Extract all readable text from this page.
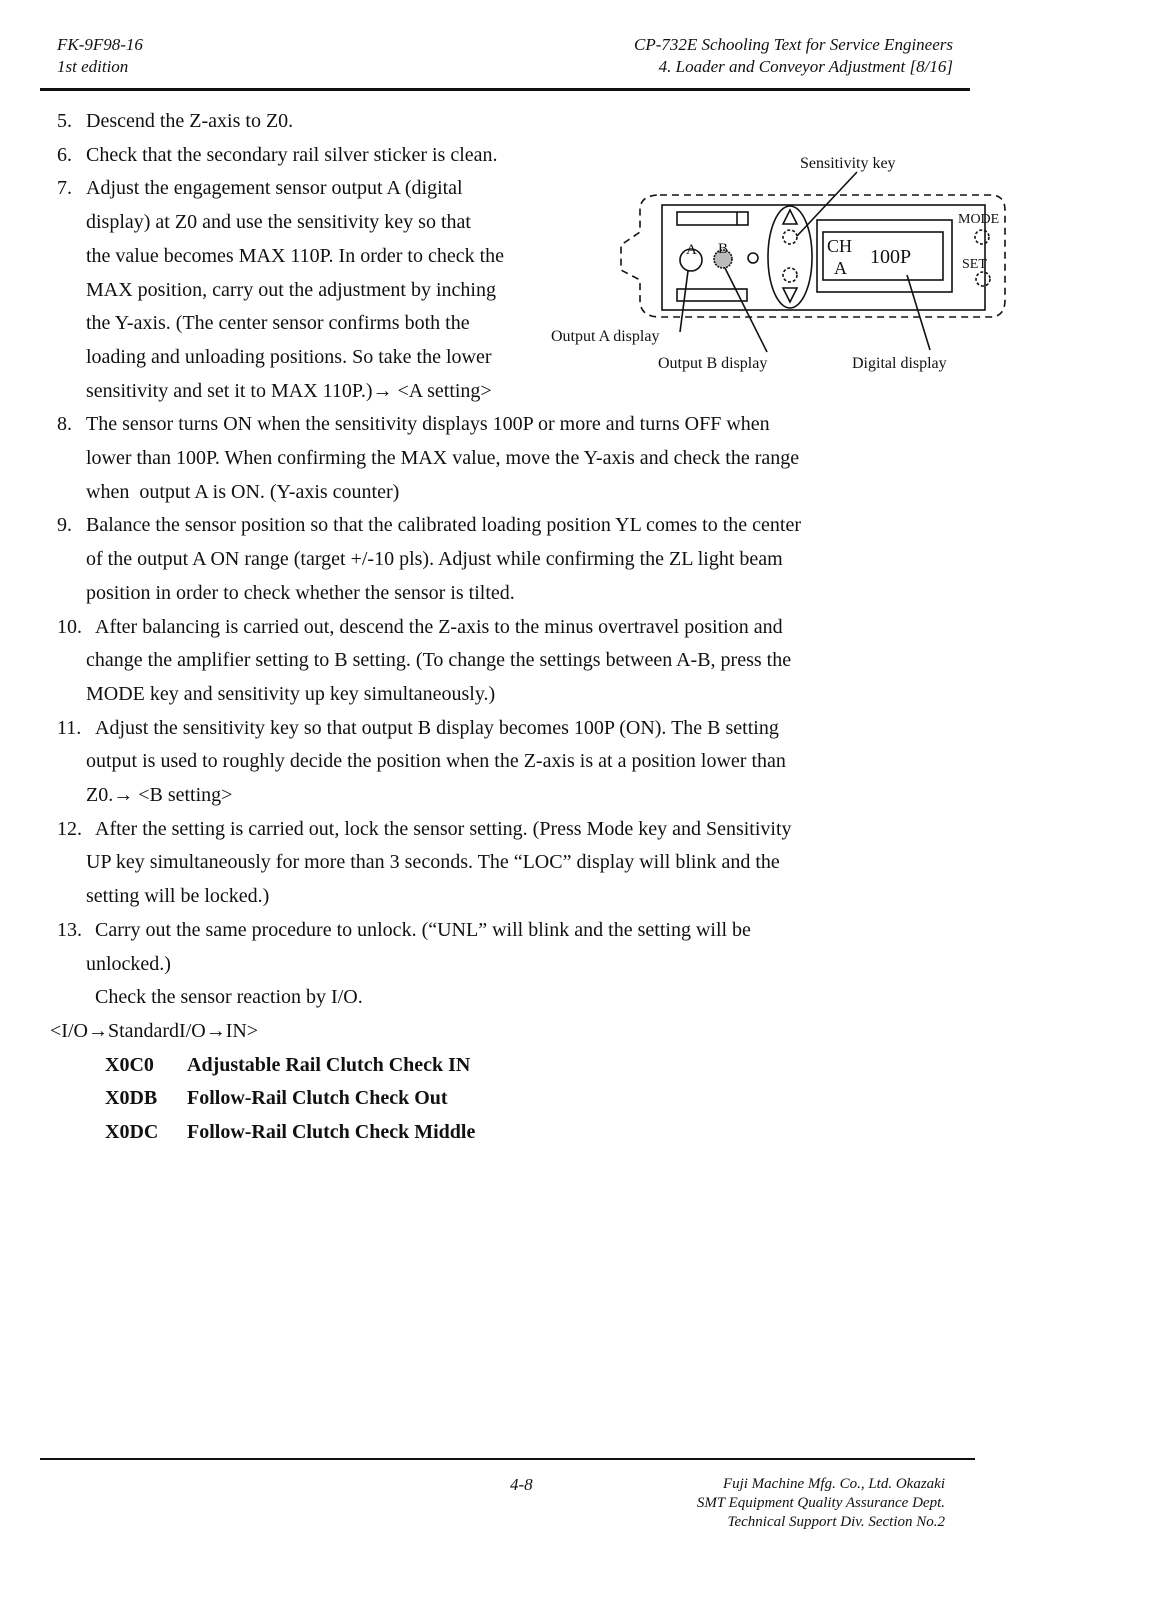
FK-9F98-16
1st edition
CP-732E Schooling Text for Service Engineers
4. Loader and Conveyor Adjustment [8/16]
5. Descend the Z-axis to Z0.
6. Check that the secondary rail silver sticker is clean.
7. Adjust the engagement sensor output A (digital
display) at Z0 and use the sensitivity key so that
the value becomes MAX 110P. In order to check the
MAX position, carry out the adjustment by inching
the Y-axis. (The center sensor confirms both the
loading and unloading positions. So take the lower
sensitivity and set it to MAX 110P.)→ <A setting>
8. The sensor turns ON when the sensitivity displays 100P or more and turns OFF when
lower than 100P. When confirming the MAX value, move the Y-axis and check the range
when  output A is ON. (Y-axis counter)
9. Balance the sensor position so that the calibrated loading position YL comes to the center
of the output A ON range (target +/-10 pls). Adjust while confirming the ZL light beam
position in order to check whether the sensor is tilted.
10. After balancing is carried out, descend the Z-axis to the minus overtravel position and
change the amplifier setting to B setting. (To change the settings between A-B, press the
MODE key and sensitivity up key simultaneously.)
11. Adjust the sensitivity key so that output B display becomes 100P (ON). The B setting
output is used to roughly decide the position when the Z-axis is at a position lower than
Z0.→ <B setting>
12. After the setting is carried out, lock the sensor setting. (Press Mode key and Sensitivity
UP key simultaneously for more than 3 seconds. The “LOC” display will blink and the
setting will be locked.)
13. Carry out the same procedure to unlock. (“UNL” will blink and the setting will be
unlocked.)
Check the sensor reaction by I/O.
<I/O→StandardI/O→IN>
X0C0 Adjustable Rail Clutch Check IN
X0DB Follow-Rail Clutch Check Out
X0DC Follow-Rail Clutch Check Middle
A B	CH
A 100P
MODE
SET
Sensitivity key
Output A display
Output B display	Digital display
4-8	Fuji Machine Mfg. Co., Ltd. Okazaki
SMT Equipment Quality Assurance Dept.
Technical Support Div. Section No.2
